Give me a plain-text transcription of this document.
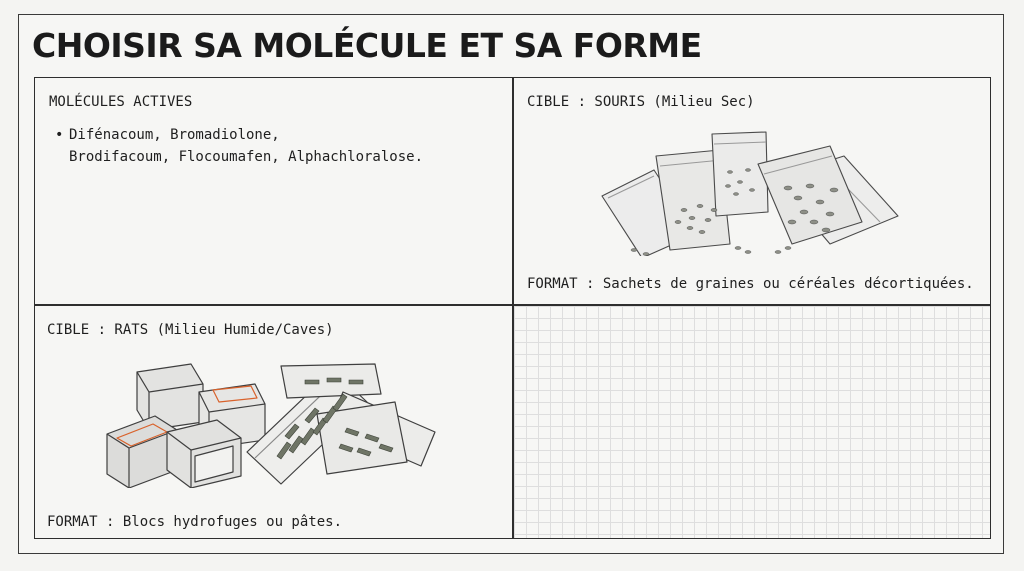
CHOISIR SA MOLÉCULE ET SA FORME
MOLÉCULES ACTIVES
• Difénacoum, Bromadiolone, Brodifacoum, Flocoumafen, Alphachloralose.
CIBLE : SOURIS (Milieu Sec)
FORMAT : Sachets de graines ou céréales décortiquées.
CIBLE : RATS (Milieu Humide/Caves)
FORMAT : Blocs hydrofuges ou pâtes.
